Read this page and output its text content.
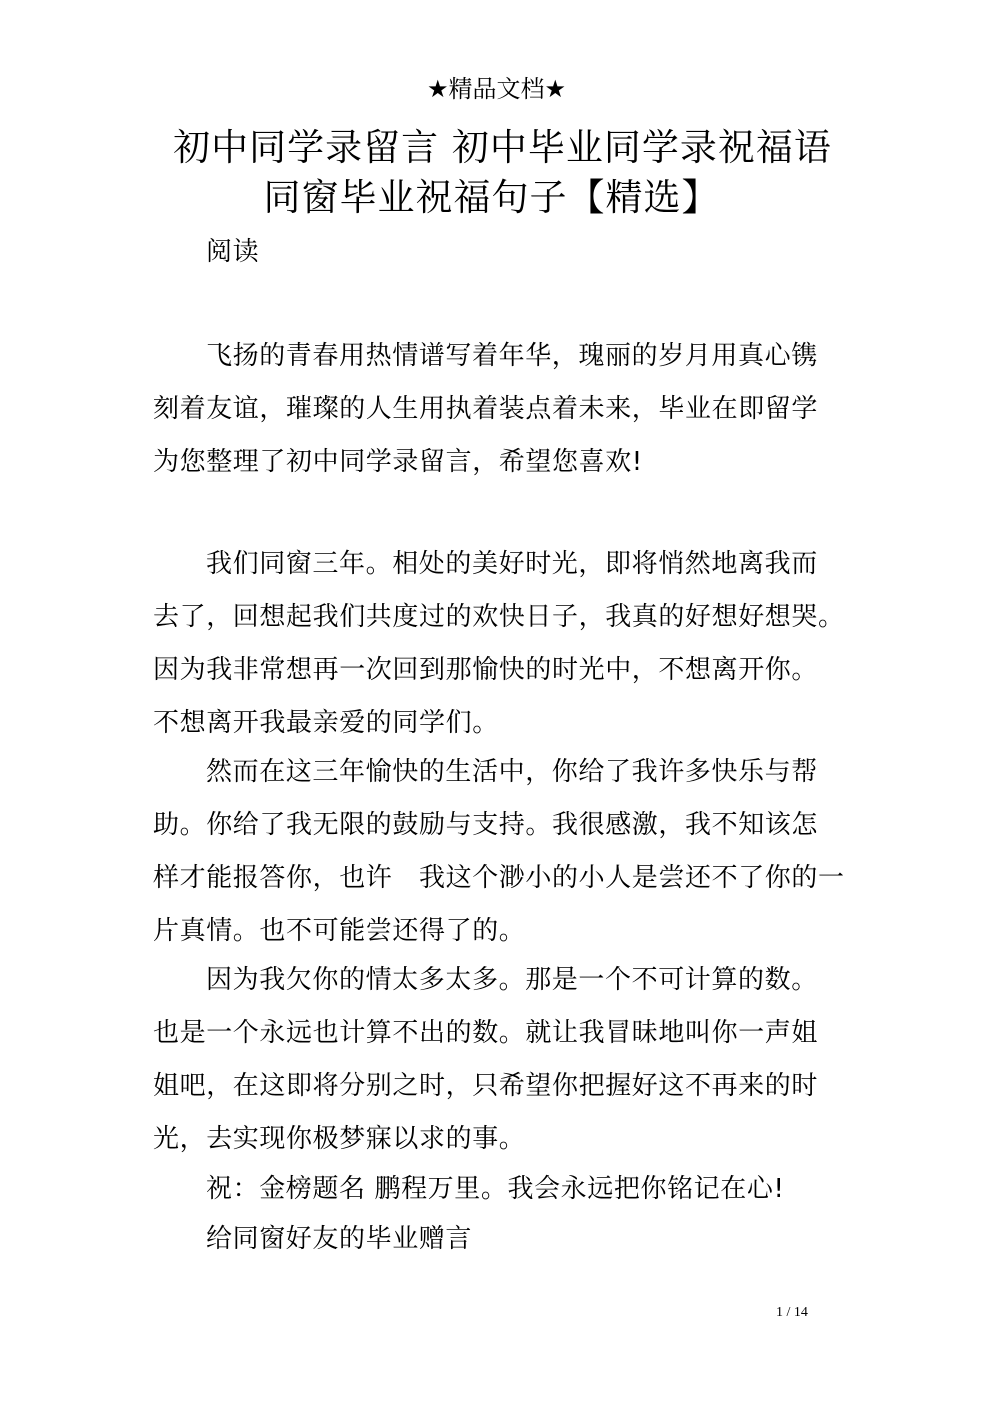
★精品文档★
初中同学录留言 初中毕业同学录祝福语
同窗毕业祝福句子【精选】
阅读
飞扬的青春用热情谱写着年华，瑰丽的岁月用真心镌
刻着友谊，璀璨的人生用执着装点着未来，毕业在即留学
为您整理了初中同学录留言，希望您喜欢!
我们同窗三年。相处的美好时光，即将悄然地离我而
去了，回想起我们共度过的欢快日子，我真的好想好想哭。
因为我非常想再一次回到那愉快的时光中，不想离开你。
不想离开我最亲爱的同学们。
然而在这三年愉快的生活中，你给了我许多快乐与帮
助。你给了我无限的鼓励与支持。我很感激，我不知该怎
样才能报答你，也许　我这个渺小的小人是尝还不了你的一
片真情。也不可能尝还得了的。
因为我欠你的情太多太多。那是一个不可计算的数。
也是一个永远也计算不出的数。就让我冒昧地叫你一声姐
姐吧，在这即将分别之时，只希望你把握好这不再来的时
光，去实现你极梦寐以求的事。
祝：金榜题名 鹏程万里。我会永远把你铭记在心!
给同窗好友的毕业赠言
1 / 14
